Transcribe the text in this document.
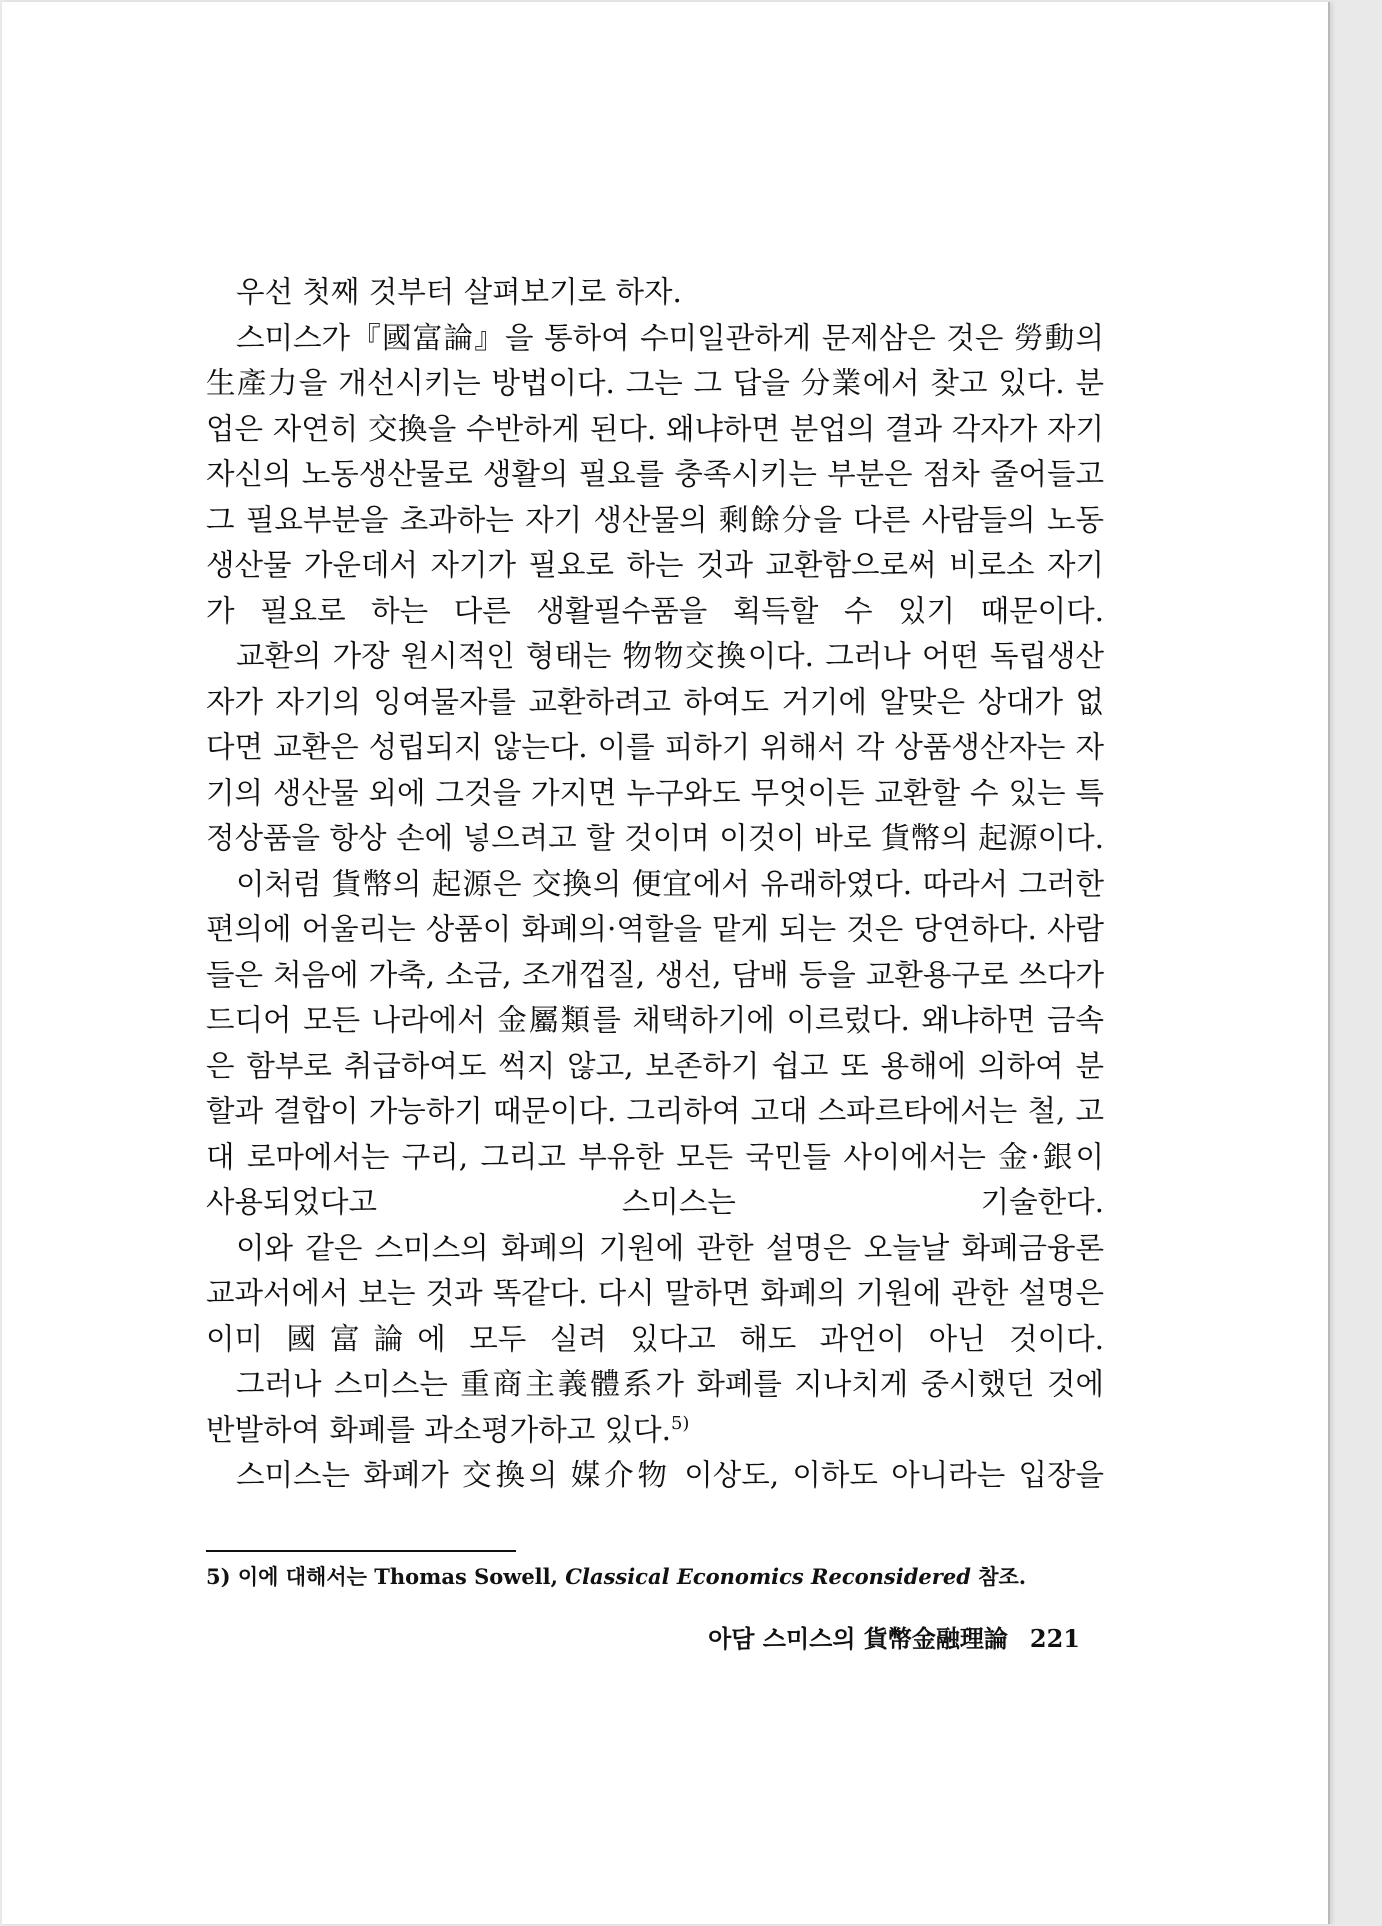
우선 첫째 것부터 살펴보기로 하자.

스미스가『國富論』을 통하여 수미일관하게 문제삼은 것은 勞動의 生產力을 개선시키는 방법이다. 그는 그 답을 分業에서 찾고 있다. 분업은 자연히 交換을 수반하게 된다. 왜냐하면 분업의 결과 각자가 자기 자신의 노동생산물로 생활의 필요를 충족시키는 부분은 점차 줄어들고 그 필요부분을 초과하는 자기 생산물의 剩餘分을 다른 사람들의 노동생산물 가운데서 자기가 필요로 하는 것과 교환함으로써 비로소 자기가 필요로 하는 다른 생활필수품을 획득할 수 있기 때문이다.

교환의 가장 원시적인 형태는 物物交換이다. 그러나 어떤 독립생산자가 자기의 잉여물자를 교환하려고 하여도 거기에 알맞은 상대가 없다면 교환은 성립되지 않는다. 이를 피하기 위해서 각 상품생산자는 자기의 생산물 외에 그것을 가지면 누구와도 무엇이든 교환할 수 있는 특정상품을 항상 손에 넣으려고 할 것이며 이것이 바로 貨幣의 起源이다.

이처럼 貨幣의 起源은 交換의 便宜에서 유래하였다. 따라서 그러한 편의에 어울리는 상품이 화폐의·역할을 맡게 되는 것은 당연하다. 사람들은 처음에 가축, 소금, 조개껍질, 생선, 담배 등을 교환용구로 쓰다가 드디어 모든 나라에서 金屬類를 채택하기에 이르렀다. 왜냐하면 금속은 함부로 취급하여도 썩지 않고, 보존하기 쉽고 또 용해에 의하여 분할과 결합이 가능하기 때문이다. 그리하여 고대 스파르타에서는 철, 고대 로마에서는 구리, 그리고 부유한 모든 국민들 사이에서는 金·銀이 사용되었다고 스미스는 기술한다.

이와 같은 스미스의 화폐의 기원에 관한 설명은 오늘날 화폐금융론 교과서에서 보는 것과 똑같다. 다시 말하면 화폐의 기원에 관한 설명은 이미 國富論에 모두 실려 있다고 해도 과언이 아닌 것이다.

그러나 스미스는 重商主義體系가 화폐를 지나치게 중시했던 것에 반발하여 화폐를 과소평가하고 있다.$^{5)}$

스미스는 화폐가 交換의 媒介物 이상도, 이하도 아니라는 입장을

5) 이에 대해서는 Thomas Sowell, Classical Economics Reconsidered 참조.
아담 스미스의 貨幣金融理論 221
